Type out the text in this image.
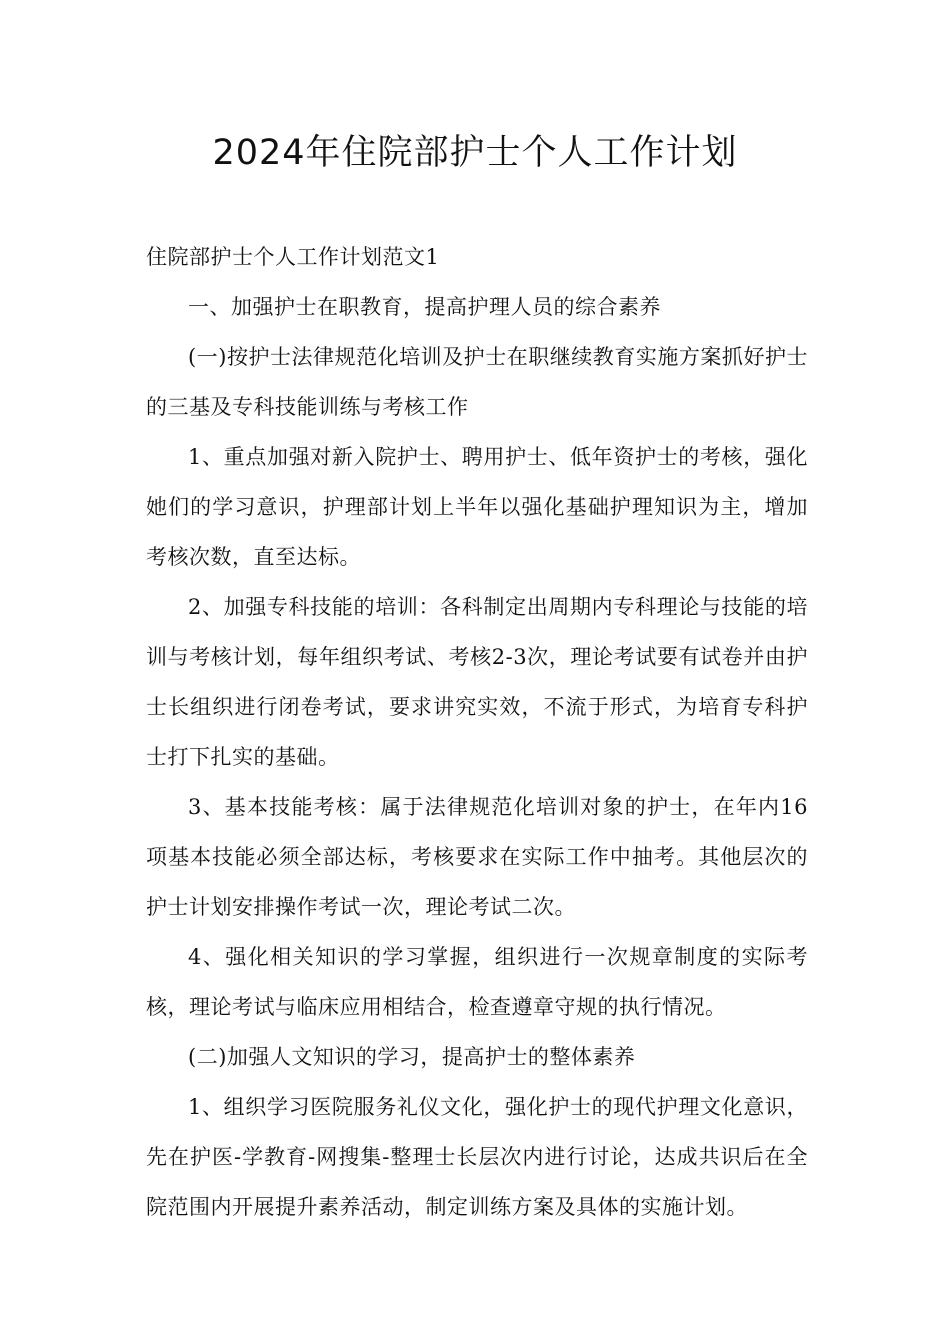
2024年住院部护士个人工作计划

住院部护士个人工作计划范文1

一、加强护士在职教育，提高护理人员的综合素养

(一)按护士法律规范化培训及护士在职继续教育实施方案抓好护士的三基及专科技能训练与考核工作

1、重点加强对新入院护士、聘用护士、低年资护士的考核，强化她们的学习意识，护理部计划上半年以强化基础护理知识为主，增加考核次数，直至达标。

2、加强专科技能的培训：各科制定出周期内专科理论与技能的培训与考核计划，每年组织考试、考核2-3次，理论考试要有试卷并由护士长组织进行闭卷考试，要求讲究实效，不流于形式，为培育专科护士打下扎实的基础。

3、基本技能考核：属于法律规范化培训对象的护士，在年内16项基本技能必须全部达标，考核要求在实际工作中抽考。其他层次的护士计划安排操作考试一次，理论考试二次。

4、强化相关知识的学习掌握，组织进行一次规章制度的实际考核，理论考试与临床应用相结合，检查遵章守规的执行情况。

(二)加强人文知识的学习，提高护士的整体素养

1、组织学习医院服务礼仪文化，强化护士的现代护理文化意识，先在护医-学教育-网搜集-整理士长层次内进行讨论，达成共识后在全院范围内开展提升素养活动，制定训练方案及具体的实施计划。
